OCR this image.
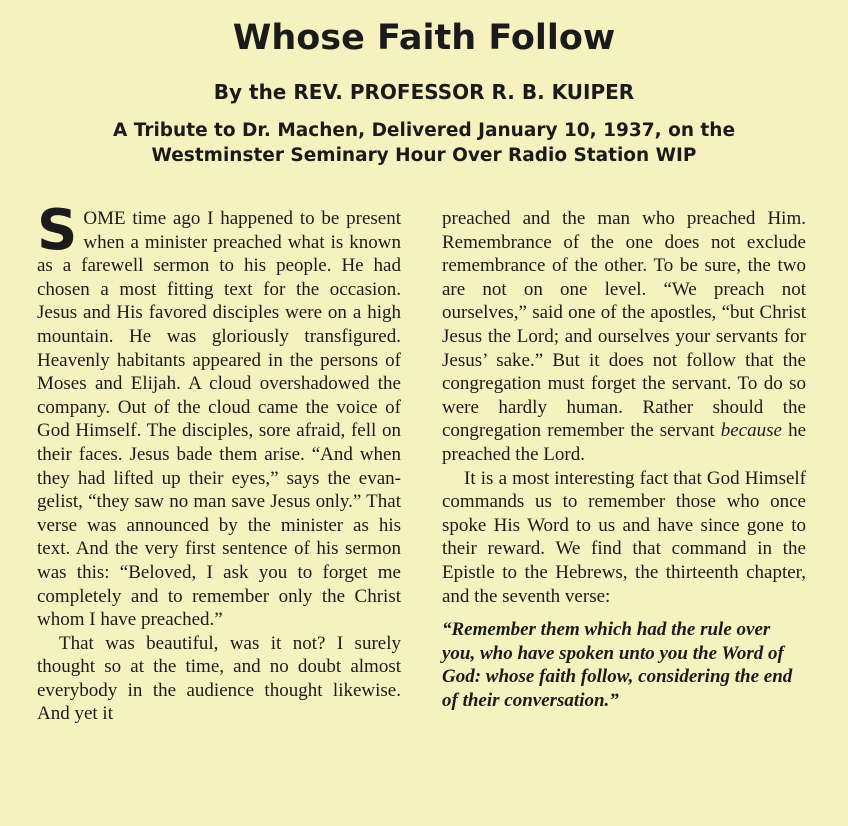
Whose Faith Follow
By the REV. PROFESSOR R. B. KUIPER
A Tribute to Dr. Machen, Delivered January 10, 1937, on the Westminster Seminary Hour Over Radio Station WIP

SOME time ago I happened to be present when a minister preached what is known as a farewell sermon to his people. He had chosen a most fitting text for the occasion. Jesus and His favored disciples were on a high mountain. He was gloriously transfigured. Heavenly habitants appeared in the persons of Moses and Elijah. A cloud overshadowed the company. Out of the cloud came the voice of God Himself. The disciples, sore afraid, fell on their faces. Jesus bade them arise. “And when they had lifted up their eyes,” says the evangelist, “they saw no man save Jesus only.” That verse was announced by the minister as his text. And the very first sentence of his sermon was this: “Beloved, I ask you to forget me completely and to remember only the Christ whom I have preached.”

That was beautiful, was it not? I surely thought so at the time, and no doubt almost everybody in the audience thought likewise. And yet it

preached and the man who preached Him. Remembrance of the one does not exclude remembrance of the other. To be sure, the two are not on one level. “We preach not ourselves,” said one of the apostles, “but Christ Jesus the Lord; and ourselves your servants for Jesus’ sake.” But it does not follow that the congregation must forget the servant. To do so were hardly human. Rather should the congregation remember the servant because he preached the Lord.

It is a most interesting fact that God Himself commands us to remember those who once spoke His Word to us and have since gone to their reward. We find that command in the Epistle to the Hebrews, the thirteenth chapter, and the seventh verse:

“Remember them which had the rule over you, who have spoken unto you the Word of God: whose faith follow, considering the end of their conversation.”
